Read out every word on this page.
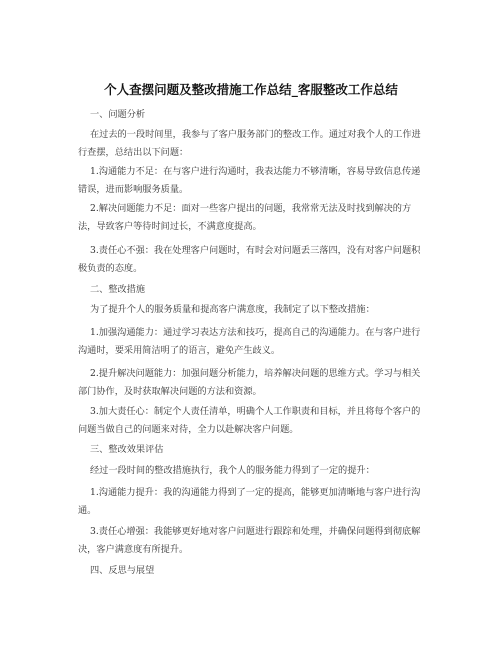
个人查摆问题及整改措施工作总结_客服整改工作总结

一、问题分析

在过去的一段时间里，我参与了客户服务部门的整改工作。通过对我个人的工作进行查摆，总结出以下问题：

1.沟通能力不足：在与客户进行沟通时，我表达能力不够清晰，容易导致信息传递错误，进而影响服务质量。

2.解决问题能力不足：面对一些客户提出的问题，我常常无法及时找到解决的方法，导致客户等待时间过长，不满意度提高。

3.责任心不强：我在处理客户问题时，有时会对问题丢三落四，没有对客户问题积极负责的态度。

二、整改措施

为了提升个人的服务质量和提高客户满意度，我制定了以下整改措施：

1.加强沟通能力：通过学习表达方法和技巧，提高自己的沟通能力。在与客户进行沟通时，要采用简洁明了的语言，避免产生歧义。

2.提升解决问题能力：加强问题分析能力，培养解决问题的思维方式。学习与相关部门协作，及时获取解决问题的方法和资源。

3.加大责任心：制定个人责任清单，明确个人工作职责和目标，并且将每个客户的问题当做自己的问题来对待，全力以赴解决客户问题。

三、整改效果评估

经过一段时间的整改措施执行，我个人的服务能力得到了一定的提升：

1.沟通能力提升：我的沟通能力得到了一定的提高，能够更加清晰地与客户进行沟通。

3.责任心增强：我能够更好地对客户问题进行跟踪和处理，并确保问题得到彻底解决，客户满意度有所提升。

四、反思与展望
